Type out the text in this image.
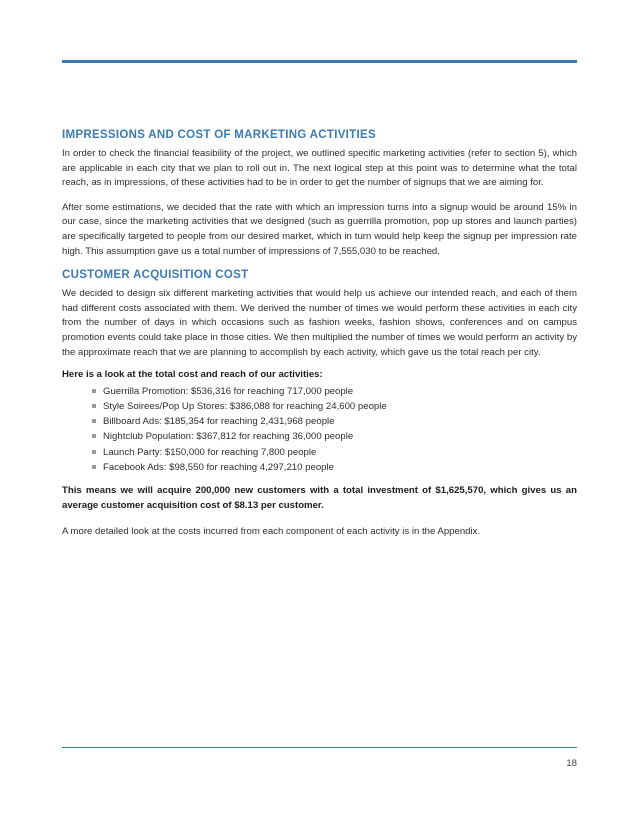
IMPRESSIONS AND COST OF MARKETING ACTIVITIES

In order to check the financial feasibility of the project, we outlined specific marketing activities (refer to section 5), which are applicable in each city that we plan to roll out in. The next logical step at this point was to determine what the total reach, as in impressions, of these activities had to be in order to get the number of signups that we are aiming for.

After some estimations, we decided that the rate with which an impression turns into a signup would be around 15% in our case, since the marketing activities that we designed (such as guerrilla promotion, pop up stores and launch parties) are specifically targeted to people from our desired market, which in turn would help keep the signup per impression rate high. This assumption gave us a total number of impressions of 7,555,030 to be reached.

CUSTOMER ACQUISITION COST

We decided to design six different marketing activities that would help us achieve our intended reach, and each of them had different costs associated with them. We derived the number of times we would perform these activities in each city from the number of days in which occasions such as fashion weeks, fashion shows, conferences and on campus promotion events could take place in those cities. We then multiplied the number of times we would perform an activity by the approximate reach that we are planning to accomplish by each activity, which gave us the total reach per city.

Here is a look at the total cost and reach of our activities:

Guerrilla Promotion: $536,316 for reaching 717,000 people
Style Soirees/Pop Up Stores: $386,088 for reaching 24,600 people
Billboard Ads: $185,354 for reaching 2,431,968 people
Nightclub Population: $367,812 for reaching 36,000 people
Launch Party: $150,000 for reaching 7,800 people
Facebook Ads: $98,550 for reaching 4,297,210 people

This means we will acquire 200,000 new customers with a total investment of $1,625,570, which gives us an average customer acquisition cost of $8.13 per customer.

A more detailed look at the costs incurred from each component of each activity is in the Appendix.

18
